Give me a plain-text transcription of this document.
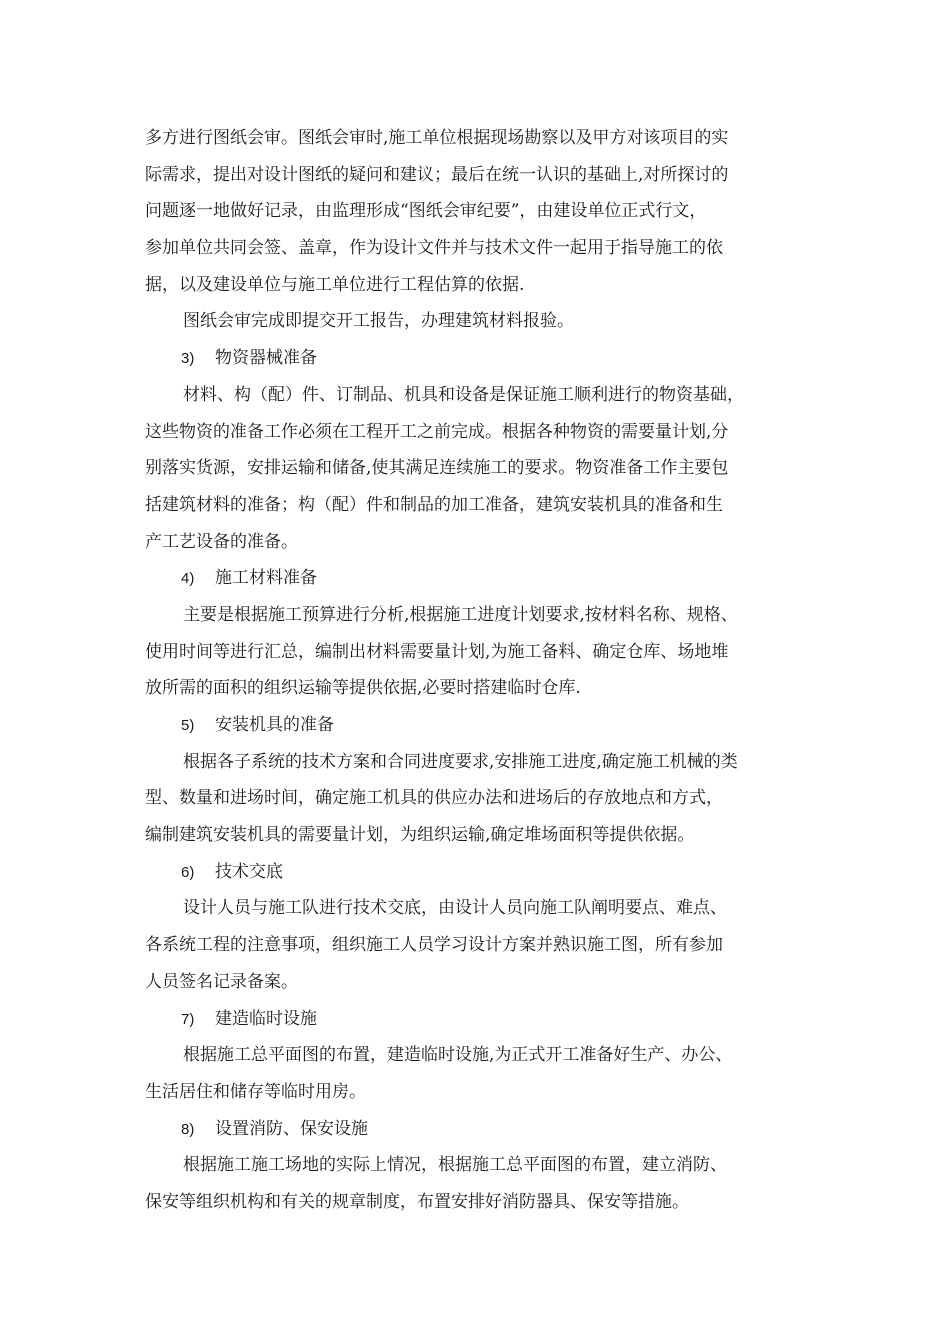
多方进行图纸会审。图纸会审时,施工单位根据现场勘察以及甲方对该项目的实
际需求，提出对设计图纸的疑问和建议；最后在统一认识的基础上,对所探讨的
问题逐一地做好记录，由监理形成“图纸会审纪要”，由建设单位正式行文，
参加单位共同会签、盖章，作为设计文件并与技术文件一起用于指导施工的依
据，以及建设单位与施工单位进行工程估算的依据.
图纸会审完成即提交开工报告，办理建筑材料报验。
3) 物资器械准备
材料、构（配）件、订制品、机具和设备是保证施工顺利进行的物资基础，
这些物资的准备工作必须在工程开工之前完成。根据各种物资的需要量计划,分
别落实货源，安排运输和储备,使其满足连续施工的要求。物资准备工作主要包
括建筑材料的准备；构（配）件和制品的加工准备，建筑安装机具的准备和生
产工艺设备的准备。
4) 施工材料准备
主要是根据施工预算进行分析,根据施工进度计划要求,按材料名称、规格、
使用时间等进行汇总，编制出材料需要量计划,为施工备料、确定仓库、场地堆
放所需的面积的组织运输等提供依据,必要时搭建临时仓库.
5) 安装机具的准备
根据各子系统的技术方案和合同进度要求,安排施工进度,确定施工机械的类
型、数量和进场时间，确定施工机具的供应办法和进场后的存放地点和方式，
编制建筑安装机具的需要量计划，为组织运输,确定堆场面积等提供依据。
6) 技术交底
设计人员与施工队进行技术交底，由设计人员向施工队阐明要点、难点、
各系统工程的注意事项，组织施工人员学习设计方案并熟识施工图，所有参加
人员签名记录备案。
7) 建造临时设施
根据施工总平面图的布置，建造临时设施,为正式开工准备好生产、办公、
生活居住和储存等临时用房。
8) 设置消防、保安设施
根据施工施工场地的实际上情况，根据施工总平面图的布置，建立消防、
保安等组织机构和有关的规章制度，布置安排好消防器具、保安等措施。
